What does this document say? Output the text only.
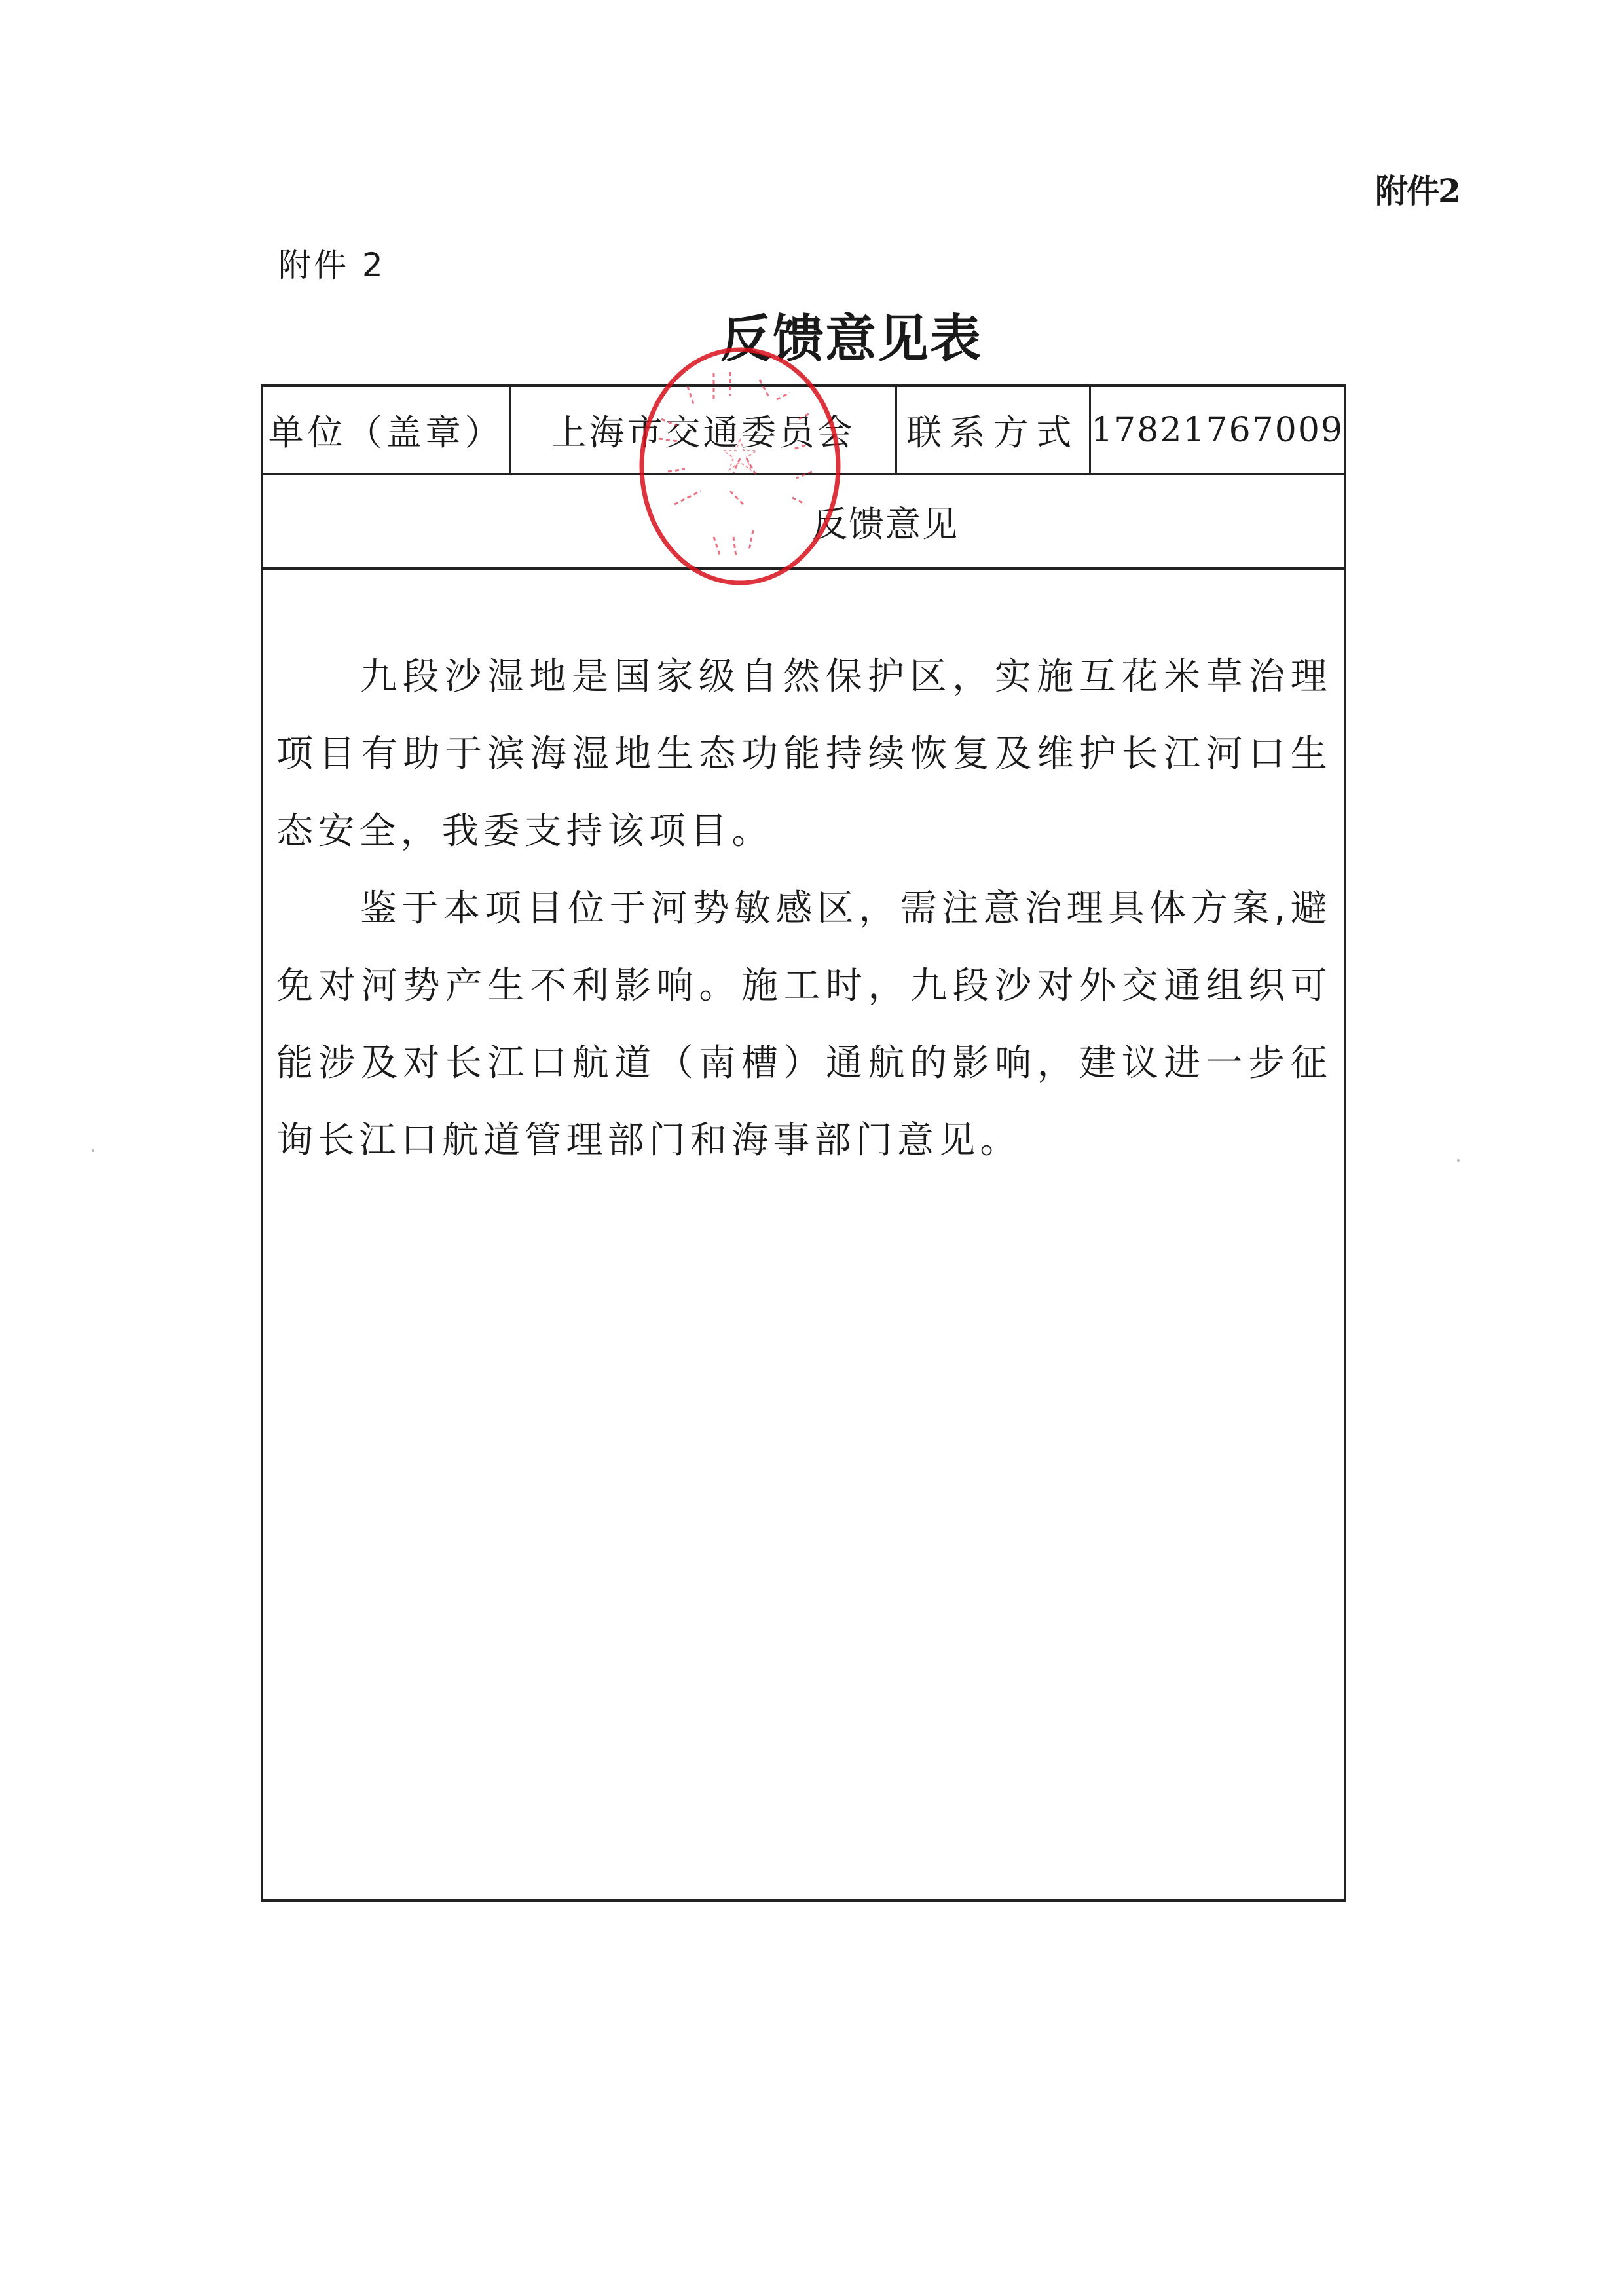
附件2
附件 2
反馈意见表
单位（盖章）	上海市交通委员会	联系方式 17821767009
反馈意见

九段沙湿地是国家级自然保护区，实施互花米草治理项目有助于滨海湿地生态功能持续恢复及维护长江河口生态安全，我委支持该项目。

鉴于本项目位于河势敏感区，需注意治理具体方案,避免对河势产生不利影响。施工时，九段沙对外交通组织可能涉及对长江口航道（南槽）通航的影响，建议进一步征询长江口航道管理部门和海事部门意见。
